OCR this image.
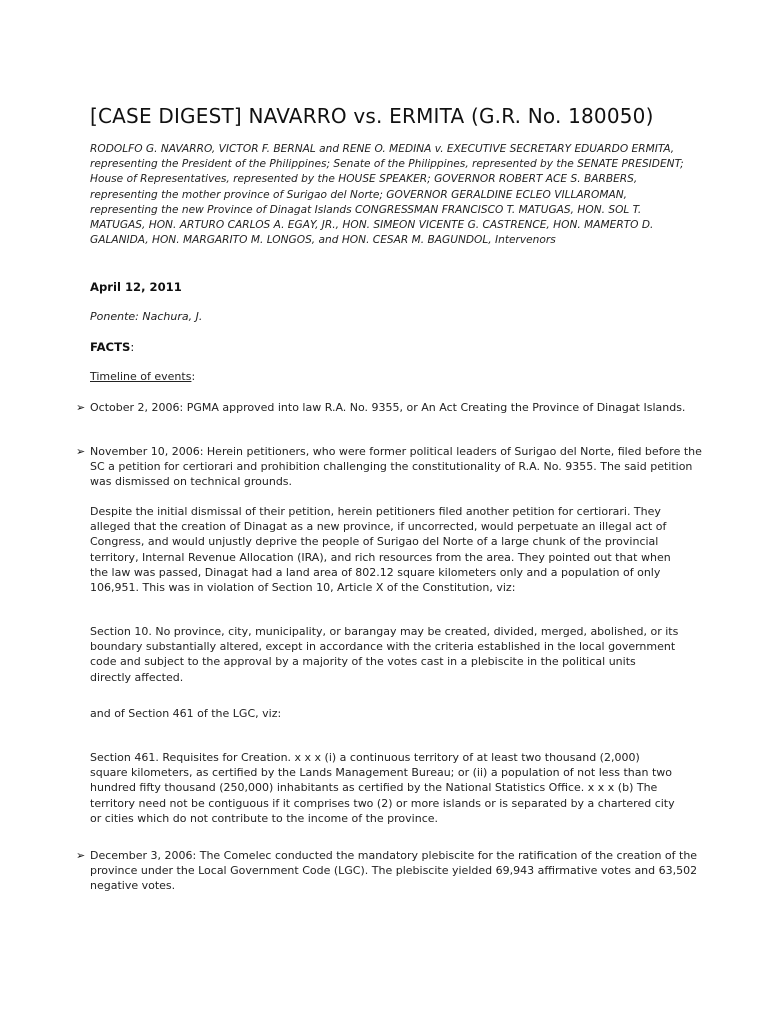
[CASE DIGEST] NAVARRO vs. ERMITA (G.R. No. 180050)

RODOLFO G. NAVARRO, VICTOR F. BERNAL and RENE O. MEDINA v. EXECUTIVE SECRETARY EDUARDO ERMITA, representing the President of the Philippines; Senate of the Philippines, represented by the SENATE PRESIDENT; House of Representatives, represented by the HOUSE SPEAKER; GOVERNOR ROBERT ACE S. BARBERS, representing the mother province of Surigao del Norte; GOVERNOR GERALDINE ECLEO VILLAROMAN, representing the new Province of Dinagat Islands CONGRESSMAN FRANCISCO T. MATUGAS, HON. SOL T. MATUGAS, HON. ARTURO CARLOS A. EGAY, JR., HON. SIMEON VICENTE G. CASTRENCE, HON. MAMERTO D. GALANIDA, HON. MARGARITO M. LONGOS, and HON. CESAR M. BAGUNDOL, Intervenors

April 12, 2011

Ponente: Nachura, J.

FACTS:

Timeline of events:

➢ October 2, 2006: PGMA approved into law R.A. No. 9355, or An Act Creating the Province of Dinagat Islands.

➢ November 10, 2006: Herein petitioners, who were former political leaders of Surigao del Norte, filed before the SC a petition for certiorari and prohibition challenging the constitutionality of R.A. No. 9355. The said petition was dismissed on technical grounds.

Despite the initial dismissal of their petition, herein petitioners filed another petition for certiorari. They alleged that the creation of Dinagat as a new province, if uncorrected, would perpetuate an illegal act of Congress, and would unjustly deprive the people of Surigao del Norte of a large chunk of the provincial territory, Internal Revenue Allocation (IRA), and rich resources from the area. They pointed out that when the law was passed, Dinagat had a land area of 802.12 square kilometers only and a population of only 106,951. This was in violation of Section 10, Article X of the Constitution, viz:

Section 10. No province, city, municipality, or barangay may be created, divided, merged, abolished, or its boundary substantially altered, except in accordance with the criteria established in the local government code and subject to the approval by a majority of the votes cast in a plebiscite in the political units directly affected.

and of Section 461 of the LGC, viz:

Section 461. Requisites for Creation. x x x (i) a continuous territory of at least two thousand (2,000) square kilometers, as certified by the Lands Management Bureau; or (ii) a population of not less than two hundred fifty thousand (250,000) inhabitants as certified by the National Statistics Office. x x x (b) The territory need not be contiguous if it comprises two (2) or more islands or is separated by a chartered city or cities which do not contribute to the income of the province.

➢ December 3, 2006: The Comelec conducted the mandatory plebiscite for the ratification of the creation of the province under the Local Government Code (LGC). The plebiscite yielded 69,943 affirmative votes and 63,502 negative votes.
